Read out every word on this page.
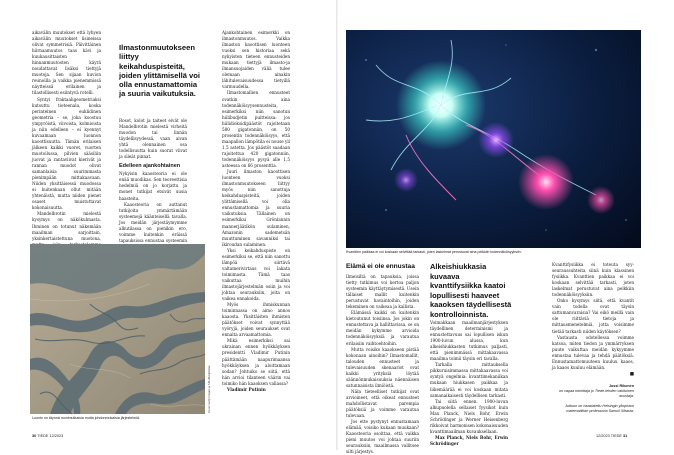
aikavälin muutokset että lyhyen aikavälin muutokset lisineissa olivat symmetrisiä. Päivittäinen hiirnaamuutos taas kävi ja kuukausittaisten hinnanmuutosten käyrä noudattavat lisäksi tiettyjä muotoja. Sen sijaan kuvion reunoilla ja vaikka pienemmissä näytteissä erilainen ja tilastollisesti esiintyvä rotelli.

Syntyi fraktaaligeometriaksi kutsuttu tieteenala, koska perinteinen euklidinen geometria – se, joka koostuu ympyröistä, viivoista, kolmioista ja niin edelleen – ei kyennyt kuvaamaan luonnon kaoottisuutta. Tämän erilaisen jälkeen kaikki vuoret, vuorten muotoilussa, pilvien sääsiliin juovat ja rantaviivat kierivät ja rannan muodot olivat samanlaisia suurimmasta pienimpään mittakaavaan. Niiden yksittäisessä muodossa ei kuitenkaan ollut mitään yhtenäistä, mutta niiden pienet osaset muistuttavat kokonaisuutta.

Mandelbrotin mielestä kysymys on näkökulmasta. Ihminen on totunut näkemään maailman sarjoittain, yksinkertaistettuna muotona,

Ilmastonmuutokseen liittyy keikahduspisteitä, joiden ylittämisellä voi olla ennustamattomia ja suuria vaikutuksia.

Rosot, kolot ja taiteet eivät ole Mandelbrotin mielestä virheitä muodon tai linnän täydellisyydessä, vaan aivan yhtä olennainen osa todellisuutta kuin suorat viivat ja sileät pinnat.

Edelleen ajankohtainen

Nykyisin kaaosteoria ei ole enää muodikas. Sen teoreettisia hedelmiä on jo korjattu ja monet tutkijat etsivät uusia haasteita.

Kaaosteoria on auttanut tutkijoita ymmärtämään systeemejä käänteisellä tavalla. Jos meidän järjestäymymme alkutilassa on pienikin ero, voimme kuitenkin eräissä tapauksissa ennustaa systeemin

Ajankohtainen esimerkki on ilmastonmuutos. Vaikka ilmaston kaoottisen luonteen vuoksi sen historiaa sekä nykyisten tieteen ennusteiden mukaan tiettyjä ilmasto-ja ilmansuojaiden väliä tulee olemaan ainakin lähitulevaisuudessa tietyillä varmuudella.

Ilmastomallien ennusteet ovatkin aina todennäköisyysennusteita, esimerkiksi niin sanotun hiilibudjetin puitteissa: jos hiilidioksidipäästöt rajoitetaan 580 gigatonniin, on 50 prosentin todennäköisyys, että maapallon lämpötila ei nouse yli 1,5 astetta. Jos päästöt saadaan rajoitettua 420 gigatonniin, todennäköisyys pysyä alle 1,5 asteessa on 66 prosenttia.

Juuri ilmaston kaoottisen luonteen vuoksi ilmastonmuutokseen liittyy myös niin sanottuja keikahduspisteitä, joiden ylittämisellä voi olla ennustamattomia ja suuria vaikutuksia. Tällainen on esimerkiksi Grönlannin mannerjäätikön sulaminen, Amazonin sademetsän muuttuminen savanniksi tai ikiroudan sulaminen.

Yksi keikahduspiste on esimerkiksi se, että niin sanottu lämpöä siirtävä valtamerivirtaus voi lakata toimimasta. Tämä taas vaikuttaa muihin ilmastojärjestelmän osiin ja voi johtaa seurauksiin, joita on vaikea ennakoida.

Myös ihmiskunnan toiminnassa on aimo annos kaaosta. Yksittäisten ihmisten päätökset voivat synnyttää vyöryjä, joiden seuraukset ovat ennalta arvaamattomia.

Mikä esimerkiksi sai ukrainan ennen hyökkäyksen presidentti Vladimir Putinin päättämään naapurimaansa hyökkäyksen ja aloittamaan sodan? Johtuiko se siitä, että hän arvioi tilanteen väärin vai toimiko hän kaaoksen vallassa?

Vladimir Putinin

Luonto on täynnä monimutkaisia mutta johdonmukaisia järjestelmiä.
Kuvat: Getty Images ja SPL/Mostphotos
30 TIEDE 12/2023
Kvanttien paikkaa ei voi koskaan selvittää tarkasti, joten laskelmat perustuvat aina pelkkiin todennäköisyyksiin.
Elämä ei ole ennustaa

Ilmeisiltä on tapauksia, joissa tietty tutkimus voi kertoa paljon systeemin käyttäytymisestä. Usein tällaiset mallit kuitenkin perustuvat havaintoihin, joiden tekeminen on vaikeaa ja kallista.

Elämässä kaikki on kuitenkin kietoutunut toisiinsa. Jos jokin on ennustettava ja hallittavissa, se on meidän kykymme arvioida todennäköisyyksiä ja varautua erilaisiin vaihtoehtoihin.

Mutta voisiko kaaokseen pistää kokonaan ainoihin? Ilmastomallit, talouden ennusteet ja tulevaisuuden skenaariot ovat kaikki yrityksiä löytää säännönmukaisuuksia näennäisen satunnaisista ilmiöistä.

Näin tieteelliset tutkijat ovat arvioineet, että oikeat ennusteet mahdollistavat parempia päätöksiä ja voimme varautua tulevaan.

Jos ette pystynyt ennustamaan elämää, voisiko kukaan muukaan? Kaaosteoria osoittaa, että vaikka pieni muutos voi johtaa suuriin seurauksiin, maailmassa vallitsee silti järjestys.

Alkeishiukkasia kuvaava kvanttifysiikka kaatoi lopullisesti haaveet kaaoksen täydellisestä kontrolloinnista.

Voimakkaan maailmanjärjestyksen täydellinen determinismi ja ennustettavuus sai lopullisen iskun 1900-luvun alussa, kun alkeishiukkasten tutkimus paljasti, että pienimmässä mittakaavassa maailma toimii täysin eri tavalla.

Tarkalla mittauksella pikkuruisimmassa mittakaavassa voi syntyä ongelmia: kvanttimekaniikan mukaan hiukkasen paikkaa ja liikemäärää ei voi koskaan mitata samanaikaisesti täydellisen tarkasti.

Tai siitä ennen. 1900-luvun alkupuolella sellaiset fyysikot kuin Max Planck, Niels Bohr, Erwin Schrödinger ja Werner Heisenberg rikkoivat harmonisen kokonaisuuden kvanttimaailman kuvauksellaan.

Max Planck, Niels Bohr, Erwin Schrödinger

Kvanttifysiikka ei toteuta syy-seuraussuhteita siinä kuin klassinen fysiikka. Kvanttien paikkaa ei voi koskaan selvittää tarkasti, joten laskelmat perustuvat aina pelkkiin todennäköisyyksiin.

Onko kysymys siitä, että kvantit vain todella ovat täysin sattumanvaraisia? Vai eikö meillä vain ole riittäviä tietoja ja mittausmenetelmiä, jotta voisimme tietää tarkasti niiden käytöksen?

Vastausta odotellessa voimme katsoa, miten tiedon ja ymmärryksen puute vaikuttaa meidän kykyymme ennustaa tulevaa ja tehdä päätöksiä. Ennustamattomuuteen kuuluu kaaos, ja kaaos kuuluu elämään.

■

Jussi Rikonen
on vapaa toimittaja jo Tiede-lehden vakituinen avustaja.
Juttuun on haastateltu Helsingin yliopiston matematiikan professoria Samuli Siltasta.
12/2023 TIEDE 31
